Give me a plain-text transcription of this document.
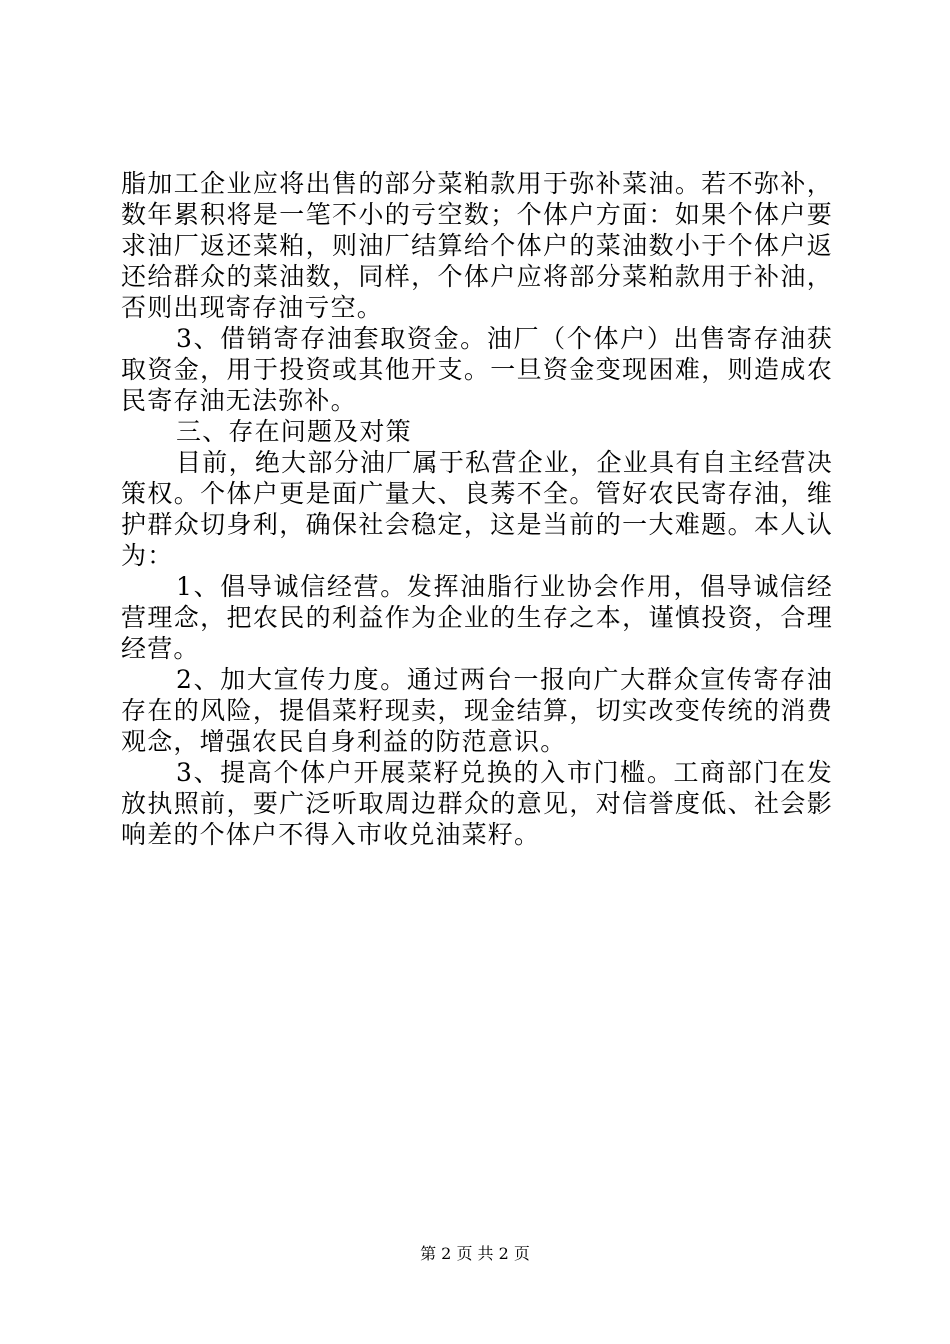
脂加工企业应将出售的部分菜粕款用于弥补菜油。若不弥补，数年累积将是一笔不小的亏空数；个体户方面：如果个体户要求油厂返还菜粕，则油厂结算给个体户的菜油数小于个体户返还给群众的菜油数，同样，个体户应将部分菜粕款用于补油，否则出现寄存油亏空。

3、借销寄存油套取资金。油厂（个体户）出售寄存油获取资金，用于投资或其他开支。一旦资金变现困难，则造成农民寄存油无法弥补。

三、存在问题及对策

目前，绝大部分油厂属于私营企业，企业具有自主经营决策权。个体户更是面广量大、良莠不全。管好农民寄存油，维护群众切身利，确保社会稳定，这是当前的一大难题。本人认为：

1、倡导诚信经营。发挥油脂行业协会作用，倡导诚信经营理念，把农民的利益作为企业的生存之本，谨慎投资，合理经营。

2、加大宣传力度。通过两台一报向广大群众宣传寄存油存在的风险，提倡菜籽现卖，现金结算，切实改变传统的消费观念，增强农民自身利益的防范意识。

3、提高个体户开展菜籽兑换的入市门槛。工商部门在发放执照前，要广泛听取周边群众的意见，对信誉度低、社会影响差的个体户不得入市收兑油菜籽。

第 2 页 共 2 页
